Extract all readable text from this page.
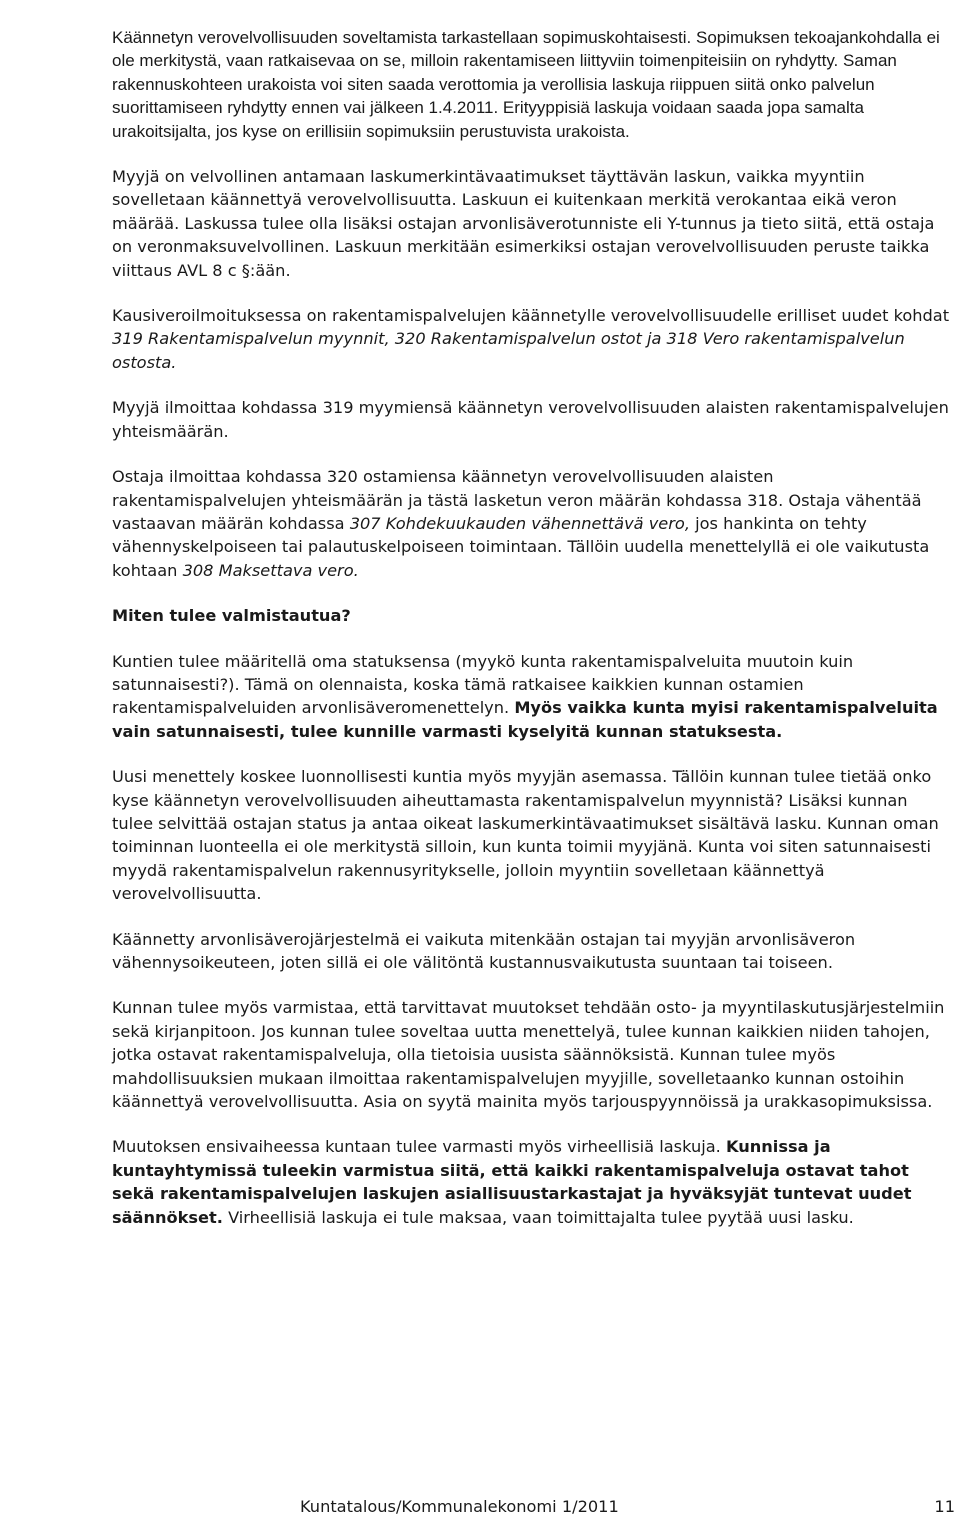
Käännetyn verovelvollisuuden soveltamista tarkastellaan sopimuskohtaisesti. Sopimuksen tekoajankohdalla ei ole merkitystä, vaan ratkaisevaa on se, milloin rakentamiseen liittyviin toimenpiteisiin on ryhdytty. Saman rakennuskohteen urakoista voi siten saada verottomia ja verollisia laskuja riippuen siitä onko palvelun suorittamiseen ryhdytty ennen vai jälkeen 1.4.2011. Erityyppisiä laskuja voidaan saada jopa samalta urakoitsijalta, jos kyse on erillisiin sopimuksiin perustuvista urakoista.

Myyjä on velvollinen antamaan laskumerkintävaatimukset täyttävän laskun, vaikka myyntiin sovelletaan käännettyä verovelvollisuutta. Laskuun ei kuitenkaan merkitä verokantaa eikä veron määrää. Laskussa tulee olla lisäksi ostajan arvonlisäverotunniste eli Y-tunnus ja tieto siitä, että ostaja on veronmaksuvelvollinen. Laskuun merkitään esimerkiksi ostajan verovelvollisuuden peruste taikka viittaus AVL 8 c §:ään.

Kausiveroilmoituksessa on rakentamispalvelujen käännetylle verovelvollisuudelle erilliset uudet kohdat 319 Rakentamispalvelun myynnit, 320 Rakentamispalvelun ostot ja 318 Vero rakentamispalvelun ostosta.

Myyjä ilmoittaa kohdassa 319 myymiensä käännetyn verovelvollisuuden alaisten rakentamispalvelujen yhteismäärän.

Ostaja ilmoittaa kohdassa 320 ostamiensa käännetyn verovelvollisuuden alaisten rakentamispalvelujen yhteismäärän ja tästä lasketun veron määrän kohdassa 318. Ostaja vähentää vastaavan määrän kohdassa 307 Kohdekuukauden vähennettävä vero, jos hankinta on tehty vähennyskelpoiseen tai palautuskelpoiseen toimintaan. Tällöin uudella menettelyllä ei ole vaikutusta kohtaan 308 Maksettava vero.

Miten tulee valmistautua?

Kuntien tulee määritellä oma statuksensa (myykö kunta rakentamispalveluita muutoin kuin satunnaisesti?). Tämä on olennaista, koska tämä ratkaisee kaikkien kunnan ostamien rakentamispalveluiden arvonlisäveromenettelyn. Myös vaikka kunta myisi rakentamispalveluita vain satunnaisesti, tulee kunnille varmasti kyselyitä kunnan statuksesta.

Uusi menettely koskee luonnollisesti kuntia myös myyjän asemassa. Tällöin kunnan tulee tietää onko kyse käännetyn verovelvollisuuden aiheuttamasta rakentamispalvelun myynnistä? Lisäksi kunnan tulee selvittää ostajan status ja antaa oikeat laskumerkintävaatimukset sisältävä lasku. Kunnan oman toiminnan luonteella ei ole merkitystä silloin, kun kunta toimii myyjänä. Kunta voi siten satunnaisesti myydä rakentamispalvelun rakennusyritykselle, jolloin myyntiin sovelletaan käännettyä verovelvollisuutta.

Käännetty arvonlisäverojärjestelmä ei vaikuta mitenkään ostajan tai myyjän arvonlisäveron vähennysoikeuteen, joten sillä ei ole välitöntä kustannusvaikutusta suuntaan tai toiseen.

Kunnan tulee myös varmistaa, että tarvittavat muutokset tehdään osto- ja myyntilaskutusjärjestelmiin sekä kirjanpitoon. Jos kunnan tulee soveltaa uutta menettelyä, tulee kunnan kaikkien niiden tahojen, jotka ostavat rakentamispalveluja, olla tietoisia uusista säännöksistä. Kunnan tulee myös mahdollisuuksien mukaan ilmoittaa rakentamispalvelujen myyjille, sovelletaanko kunnan ostoihin käännettyä verovelvollisuutta. Asia on syytä mainita myös tarjouspyynnöissä ja urakkasopimuksissa.

Muutoksen ensivaiheessa kuntaan tulee varmasti myös virheellisiä laskuja. Kunnissa ja kuntayhtymissä tuleekin varmistua siitä, että kaikki rakentamispalveluja ostavat tahot sekä rakentamispalvelujen laskujen asiallisuustarkastajat ja hyväksyjät tuntevat uudet säännökset. Virheellisiä laskuja ei tule maksaa, vaan toimittajalta tulee pyytää uusi lasku.

Kuntatalous/Kommunalekonomi 1/2011	11
